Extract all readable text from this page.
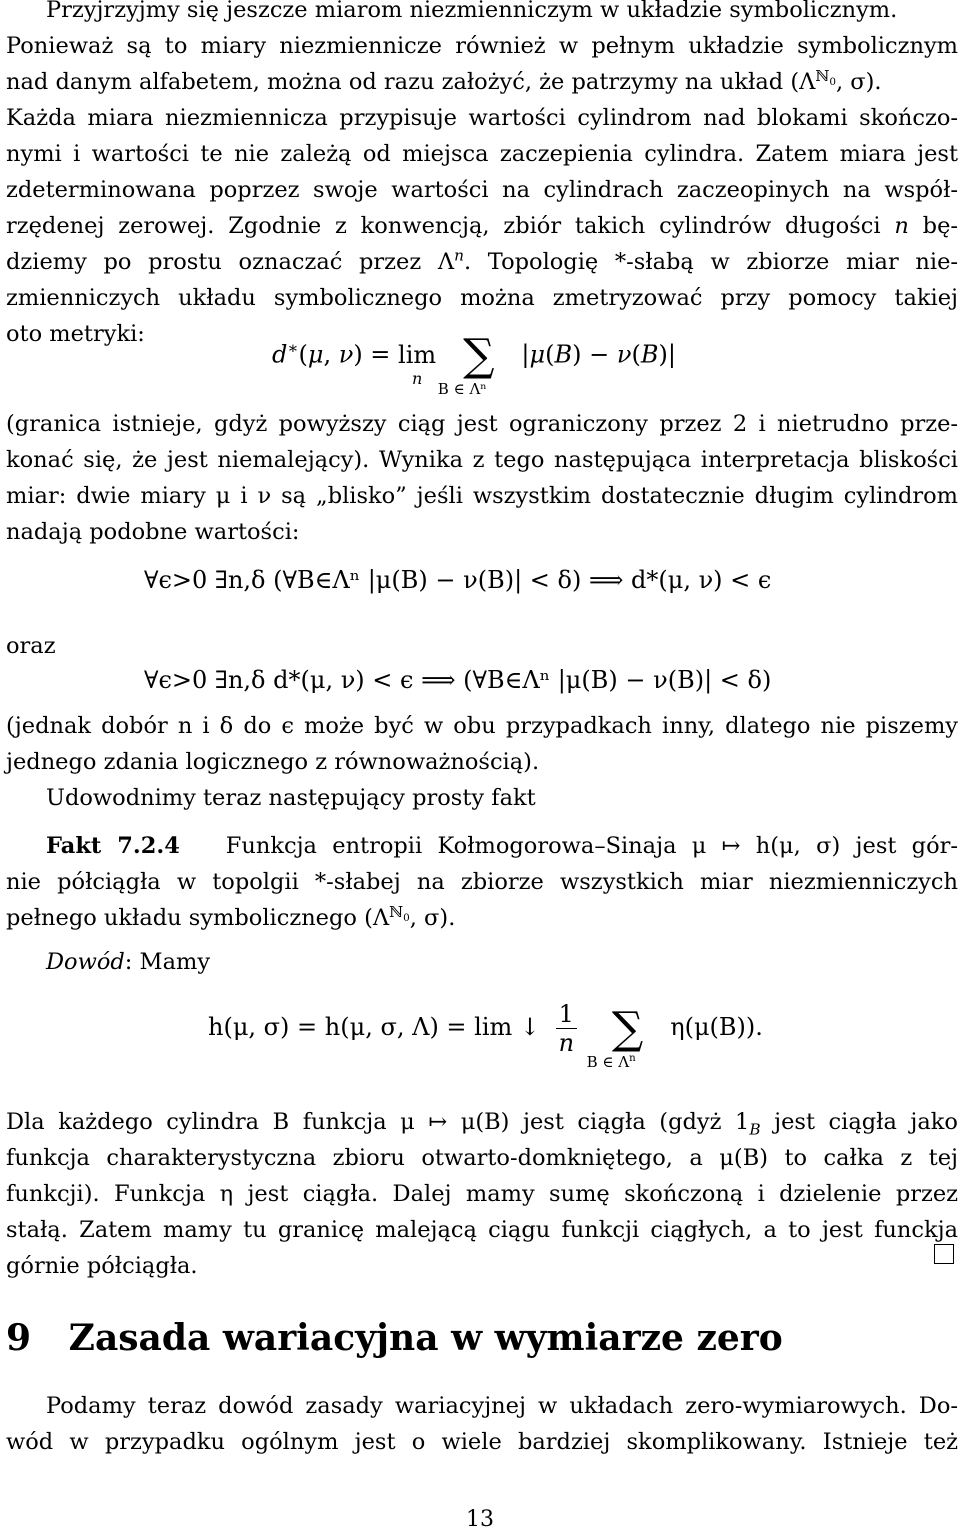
Przyjrzyjmy się jeszcze miarom niezmienniczym w układzie symbolicznym.
Ponieważ są to miary niezmiennicze również w pełnym układzie symbolicznym
nad danym alfabetem, można od razu założyć, że patrzymy na układ ($\Lambda^{ℕ_0}$, σ).
Każda miara niezmiennicza przypisuje wartości cylindrom nad blokami skończo-
nymi i wartości te nie zależą od miejsca zaczepienia cylindra. Zatem miara jest
zdeterminowana poprzez swoje wartości na cylindrach zaczeopinych na współ-
rzędenej zerowej. Zgodnie z konwencją, zbiór takich cylindrów długości n bę-
dziemy po prostu oznaczać przez $\Lambda^n$. Topologię *-słabą w zbiorze miar nie-
zmienniczych układu symbolicznego można zmetryzować przy pomocy takiej
oto metryki:
d∗(μ, ν) = lim
n
∑
B ∈ Λⁿ
|μ(B) − ν(B)|
(granica istnieje, gdyż powyższy ciąg jest ograniczony przez 2 i nietrudno prze-
konać się, że jest niemalejący). Wynika z tego następująca interpretacja bliskości
miar: dwie miary μ i ν są „blisko” jeśli wszystkim dostatecznie długim cylindrom
nadają podobne wartości:
∀ϵ>0 ∃n,δ (∀B∈Λⁿ |μ(B) − ν(B)| < δ) ⟹ d*(μ, ν) < ϵ
oraz
∀ϵ>0 ∃n,δ d*(μ, ν) < ϵ ⟹ (∀B∈Λⁿ |μ(B) − ν(B)| < δ)
(jednak dobór n i δ do ϵ może być w obu przypadkach inny, dlatego nie piszemy
jednego zdania logicznego z równoważnością).
Udowodnimy teraz następujący prosty fakt
Fakt 7.2.4 Funkcja entropii Kołmogorowa–Sinaja μ ↦ h(μ, σ) jest gór-
nie półciągła w topolgii *-słabej na zbiorze wszystkich miar niezmienniczych
pełnego układu symbolicznego ($\Lambda^{ℕ_0}$, σ).
Dowód: Mamy
h(μ, σ) = h(μ, σ, Λ) = lim ↓ $\frac{1}{n}$
∑
B ∈ $\Lambda^n$
η(μ(B)).
Dla każdego cylindra B funkcja μ ↦ μ(B) jest ciągła (gdyż $1_B$ jest ciągła jako
funkcja charakterystyczna zbioru otwarto-domkniętego, a μ(B) to całka z tej
funkcji). Funkcja η jest ciągła. Dalej mamy sumę skończoną i dzielenie przez
stałą. Zatem mamy tu granicę malejącą ciągu funkcji ciągłych, a to jest funckja
górnie półciągła.
9 Zasada wariacyjna w wymiarze zero
Podamy teraz dowód zasady wariacyjnej w układach zero-wymiarowych. Do-
wód w przypadku ogólnym jest o wiele bardziej skomplikowany. Istnieje też
13
